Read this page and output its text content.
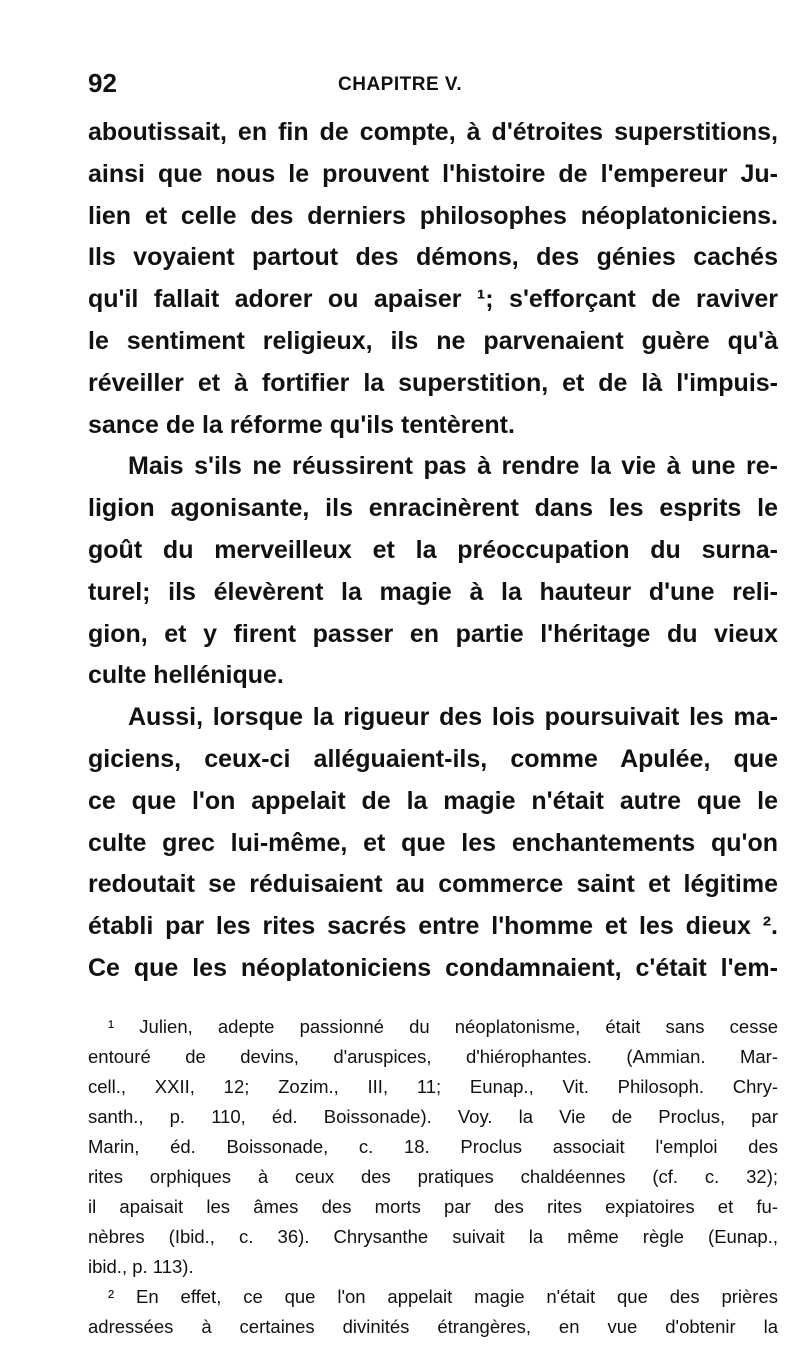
92	CHAPITRE V.
aboutissait, en fin de compte, à d'étroites superstitions,
ainsi que nous le prouvent l'histoire de l'empereur Ju-
lien et celle des derniers philosophes néoplatoniciens.
Ils voyaient partout des démons, des génies cachés
qu'il fallait adorer ou apaiser ¹; s'efforçant de raviver
le sentiment religieux, ils ne parvenaient guère qu'à
réveiller et à fortifier la superstition, et de là l'impuis-
sance de la réforme qu'ils tentèrent.
Mais s'ils ne réussirent pas à rendre la vie à une re-
ligion agonisante, ils enracinèrent dans les esprits le
goût du merveilleux et la préoccupation du surna-
turel; ils élevèrent la magie à la hauteur d'une reli-
gion, et y firent passer en partie l'héritage du vieux
culte hellénique.
Aussi, lorsque la rigueur des lois poursuivait les ma-
giciens, ceux-ci alléguaient-ils, comme Apulée, que
ce que l'on appelait de la magie n'était autre que le
culte grec lui-même, et que les enchantements qu'on
redoutait se réduisaient au commerce saint et légitime
établi par les rites sacrés entre l'homme et les dieux ².
Ce que les néoplatoniciens condamnaient, c'était l'em-
¹ Julien, adepte passionné du néoplatonisme, était sans cesse
entouré de devins, d'aruspices, d'hiérophantes. (Ammian. Mar-
cell., XXII, 12; Zozim., III, 11; Eunap., Vit. Philosoph. Chry-
santh., p. 110, éd. Boissonade). Voy. la Vie de Proclus, par
Marin, éd. Boissonade, c. 18. Proclus associait l'emploi des
rites orphiques à ceux des pratiques chaldéennes (cf. c. 32);
il apaisait les âmes des morts par des rites expiatoires et fu-
nèbres (Ibid., c. 36). Chrysanthe suivait la même règle (Eunap.,
ibid., p. 113).
² En effet, ce que l'on appelait magie n'était que des prières
adressées à certaines divinités étrangères, en vue d'obtenir la
